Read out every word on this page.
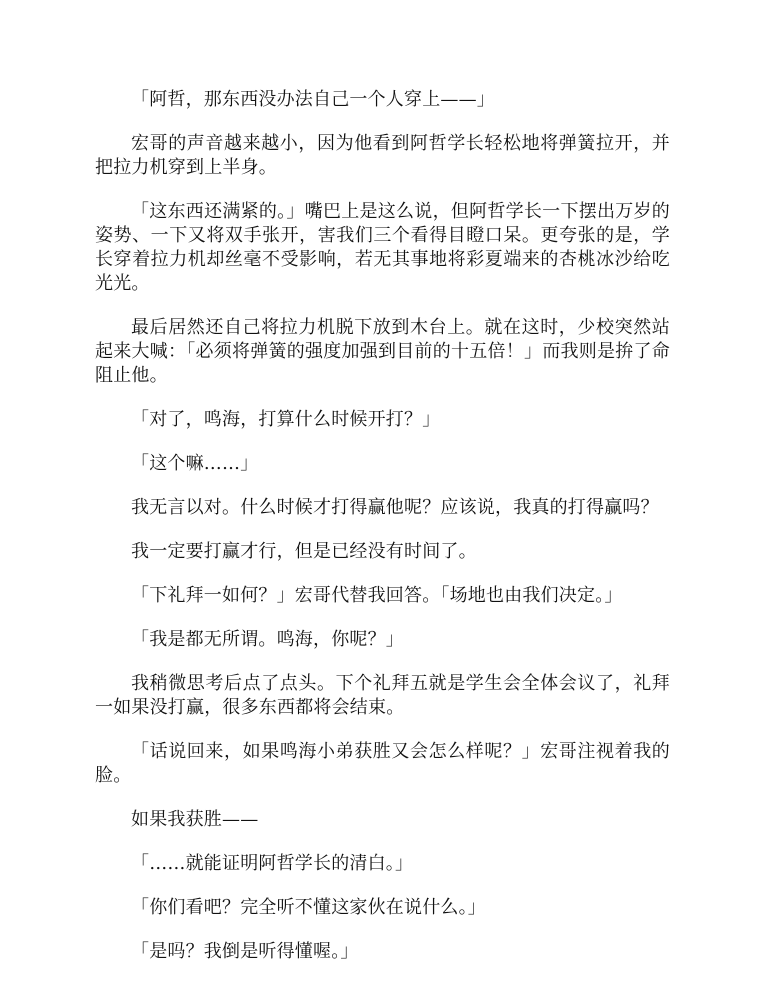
「阿哲，那东西没办法自己一个人穿上——」

宏哥的声音越来越小，因为他看到阿哲学长轻松地将弹簧拉开，并把拉力机穿到上半身。

「这东西还满紧的。」嘴巴上是这么说，但阿哲学长一下摆出万岁的姿势、一下又将双手张开，害我们三个看得目瞪口呆。更夸张的是，学长穿着拉力机却丝毫不受影响，若无其事地将彩夏端来的杏桃冰沙给吃光光。

最后居然还自己将拉力机脱下放到木台上。就在这时，少校突然站起来大喊：「必须将弹簧的强度加强到目前的十五倍！」而我则是拚了命阻止他。

「对了，鸣海，打算什么时候开打？」

「这个嘛……」

我无言以对。什么时候才打得赢他呢？应该说，我真的打得赢吗？

我一定要打赢才行，但是已经没有时间了。

「下礼拜一如何？」宏哥代替我回答。「场地也由我们决定。」

「我是都无所谓。鸣海，你呢？」

我稍微思考后点了点头。下个礼拜五就是学生会全体会议了，礼拜一如果没打赢，很多东西都将会结束。

「话说回来，如果鸣海小弟获胜又会怎么样呢？」宏哥注视着我的脸。

如果我获胜——

「……就能证明阿哲学长的清白。」

「你们看吧？完全听不懂这家伙在说什么。」

「是吗？我倒是听得懂喔。」
